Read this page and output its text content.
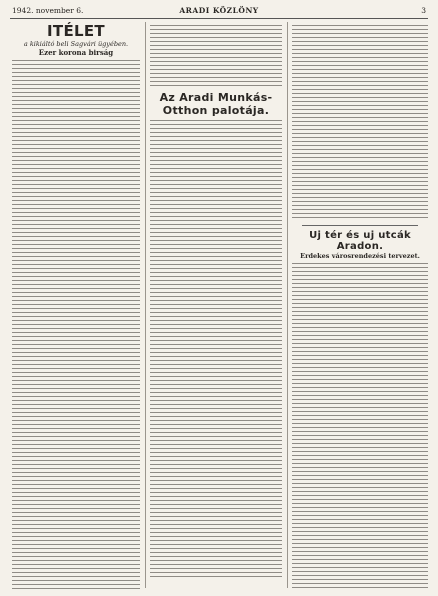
1942. november 6.	ARADI KÖZLÖNY	3
ITÉLET
a kikiáltó beli Sagvári ügyében.
Ezer korona birság
Az Aradi Munkás-Otthon palotája.
Uj tér és uj utcák Aradon.
Erdekes városrendezési tervezet.
